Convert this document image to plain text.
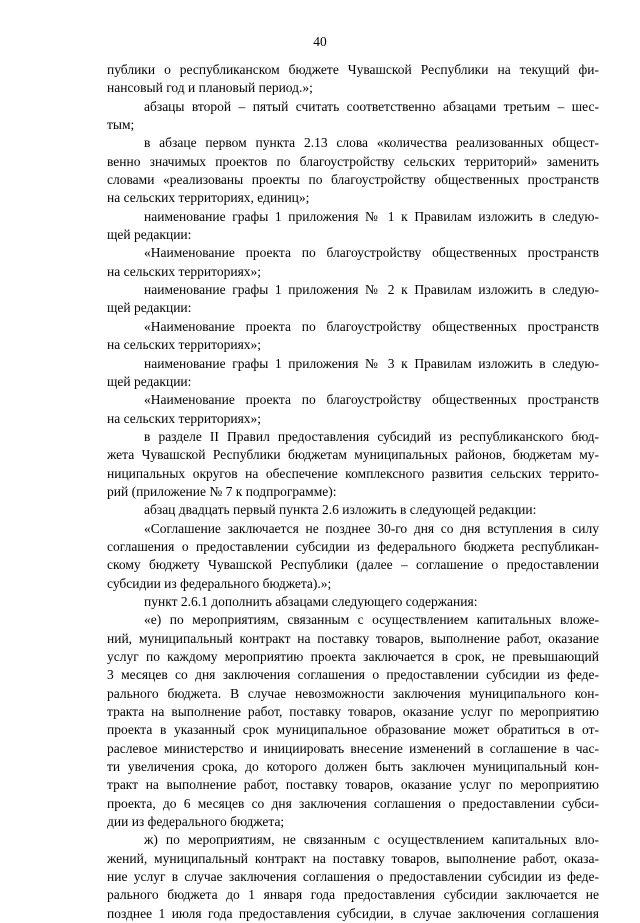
40
публики о республиканском бюджете Чувашской Республики на текущий фи-
нансовый год и плановый период.»;
абзацы второй – пятый считать соответственно абзацами третьим – шес-
тым;
в абзаце первом пункта 2.13 слова «количества реализованных общест-
венно значимых проектов по благоустройству сельских территорий» заменить
словами «реализованы проекты по благоустройству общественных пространств
на сельских территориях, единиц»;
наименование графы 1 приложения № 1 к Правилам изложить в следую-
щей редакции:
«Наименование проекта по благоустройству общественных пространств
на сельских территориях»;
наименование графы 1 приложения № 2 к Правилам изложить в следую-
щей редакции:
«Наименование проекта по благоустройству общественных пространств
на сельских территориях»;
наименование графы 1 приложения № 3 к Правилам изложить в следую-
щей редакции:
«Наименование проекта по благоустройству общественных пространств
на сельских территориях»;
в разделе II Правил предоставления субсидий из республиканского бюд-
жета Чувашской Республики бюджетам муниципальных районов, бюджетам му-
ниципальных округов на обеспечение комплексного развития сельских террито-
рий (приложение № 7 к подпрограмме):
абзац двадцать первый пункта 2.6 изложить в следующей редакции:
«Соглашение заключается не позднее 30-го дня со дня вступления в силу
соглашения о предоставлении субсидии из федерального бюджета республикан-
скому бюджету Чувашской Республики (далее – соглашение о предоставлении
субсидии из федерального бюджета).»;
пункт 2.6.1 дополнить абзацами следующего содержания:
«е) по мероприятиям, связанным с осуществлением капитальных вложе-
ний, муниципальный контракт на поставку товаров, выполнение работ, оказание
услуг по каждому мероприятию проекта заключается в срок, не превышающий
3 месяцев со дня заключения соглашения о предоставлении субсидии из феде-
рального бюджета. В случае невозможности заключения муниципального кон-
тракта на выполнение работ, поставку товаров, оказание услуг по мероприятию
проекта в указанный срок муниципальное образование может обратиться в от-
раслевое министерство и инициировать внесение изменений в соглашение в час-
ти увеличения срока, до которого должен быть заключен муниципальный кон-
тракт на выполнение работ, поставку товаров, оказание услуг по мероприятию
проекта, до 6 месяцев со дня заключения соглашения о предоставлении субси-
дии из федерального бюджета;
ж) по мероприятиям, не связанным с осуществлением капитальных вло-
жений, муниципальный контракт на поставку товаров, выполнение работ, оказа-
ние услуг в случае заключения соглашения о предоставлении субсидии из феде-
рального бюджета до 1 января года предоставления субсидии заключается не
позднее 1 июля года предоставления субсидии, в случае заключения соглашения
